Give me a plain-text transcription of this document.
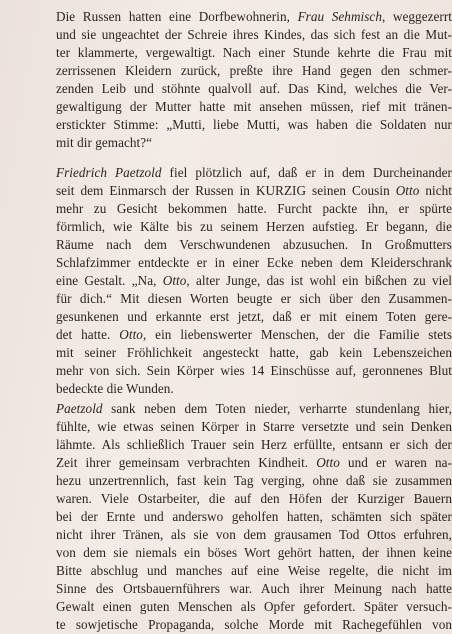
Die Russen hatten eine Dorfbewohnerin, Frau Sehmisch, weggezerrt
und sie ungeachtet der Schreie ihres Kindes, das sich fest an die Mut-
ter klammerte, vergewaltigt. Nach einer Stunde kehrte die Frau mit
zerrissenen Kleidern zurück, preßte ihre Hand gegen den schmer-
zenden Leib und stöhnte qualvoll auf. Das Kind, welches die Ver-
gewaltigung der Mutter hatte mit ansehen müssen, rief mit tränen-
erstickter Stimme: „Mutti, liebe Mutti, was haben die Soldaten nur
mit dir gemacht?“
Friedrich Paetzold fiel plötzlich auf, daß er in dem Durcheinander
seit dem Einmarsch der Russen in KURZIG seinen Cousin Otto nicht
mehr zu Gesicht bekommen hatte. Furcht packte ihn, er spürte
förmlich, wie Kälte bis zu seinem Herzen aufstieg. Er begann, die
Räume nach dem Verschwundenen abzusuchen. In Großmutters
Schlafzimmer entdeckte er in einer Ecke neben dem Kleiderschrank
eine Gestalt. „Na, Otto, alter Junge, das ist wohl ein bißchen zu viel
für dich.“ Mit diesen Worten beugte er sich über den Zusammen-
gesunkenen und erkannte erst jetzt, daß er mit einem Toten gere-
det hatte. Otto, ein liebenswerter Menschen, der die Familie stets
mit seiner Fröhlichkeit angesteckt hatte, gab kein Lebenszeichen
mehr von sich. Sein Körper wies 14 Einschüsse auf, geronnenes Blut
bedeckte die Wunden.
Paetzold sank neben dem Toten nieder, verharrte stundenlang hier,
fühlte, wie etwas seinen Körper in Starre versetzte und sein Denken
lähmte. Als schließlich Trauer sein Herz erfüllte, entsann er sich der
Zeit ihrer gemeinsam verbrachten Kindheit. Otto und er waren na-
hezu unzertrennlich, fast kein Tag verging, ohne daß sie zusammen
waren. Viele Ostarbeiter, die auf den Höfen der Kurziger Bauern
bei der Ernte und anderswo geholfen hatten, schämten sich später
nicht ihrer Tränen, als sie von dem grausamen Tod Ottos erfuhren,
von dem sie niemals ein böses Wort gehört hatten, der ihnen keine
Bitte abschlug und manches auf eine Weise regelte, die nicht im
Sinne des Ortsbauernführers war. Auch ihrer Meinung nach hatte
Gewalt einen guten Menschen als Opfer gefordert. Später versuch-
te sowjetische Propaganda, solche Morde mit Rachegefühlen von
